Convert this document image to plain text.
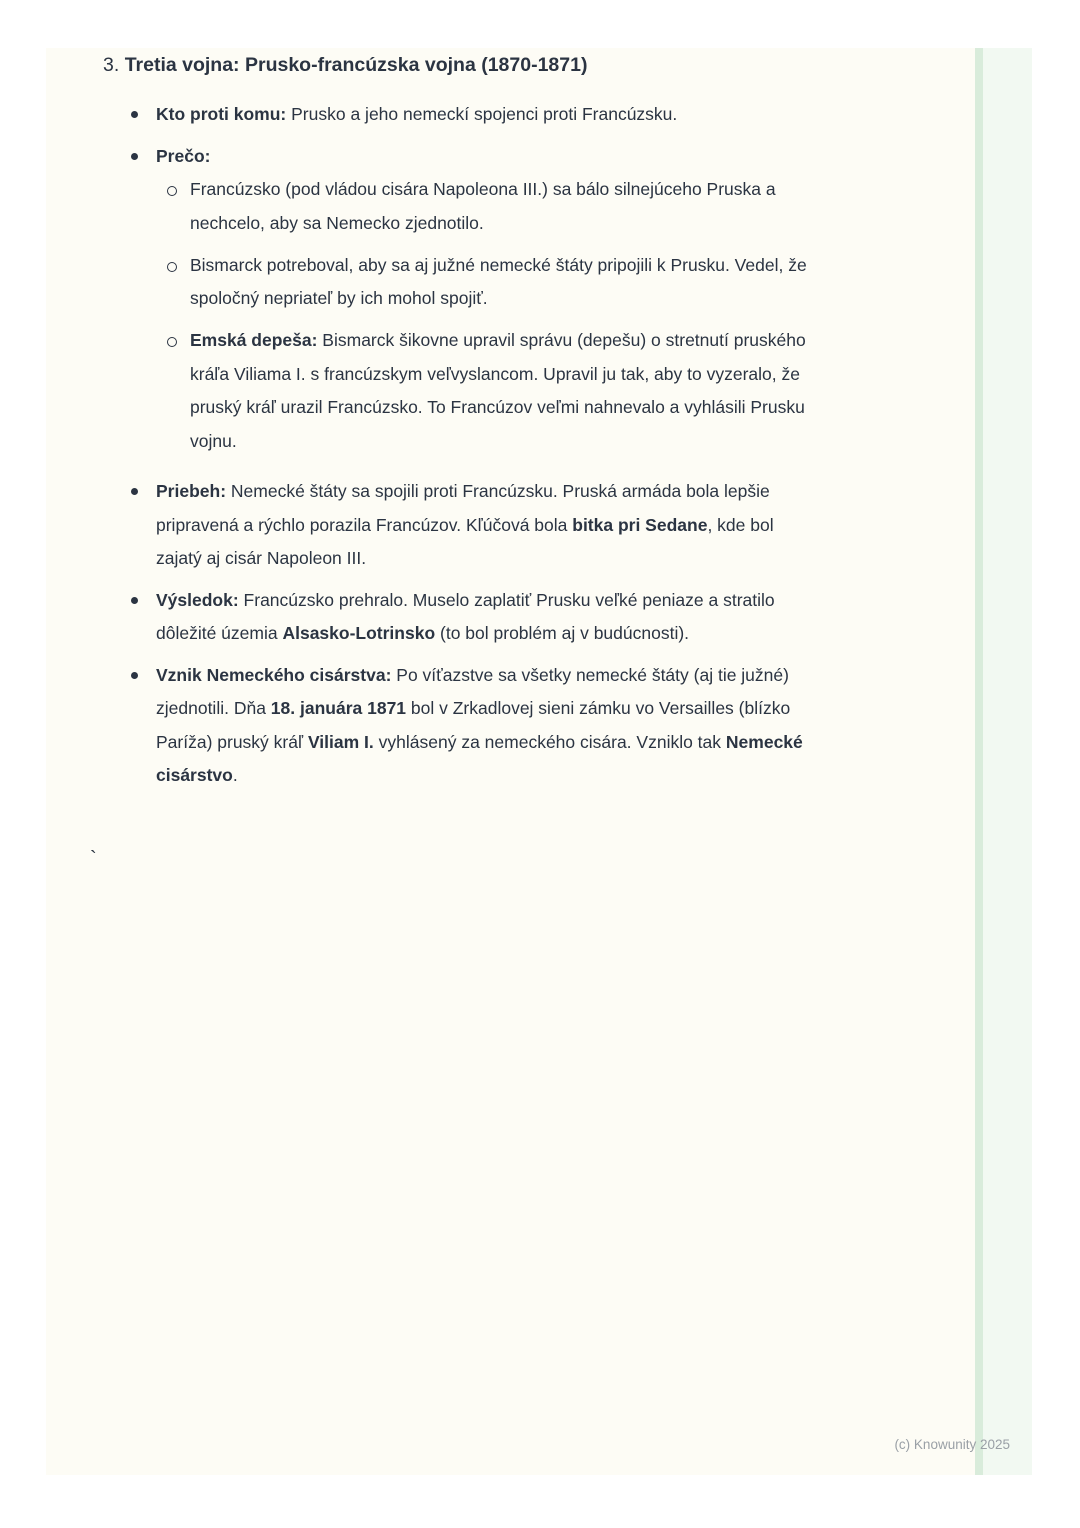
3. Tretia vojna: Prusko-francúzska vojna (1870-1871)
Kto proti komu: Prusko a jeho nemeckí spojenci proti Francúzsku.
Prečo:
Francúzsko (pod vládou cisára Napoleona III.) sa bálo silnejúceho Pruska a nechcelo, aby sa Nemecko zjednotilo.
Bismarck potreboval, aby sa aj južné nemecké štáty pripojili k Prusku. Vedel, že spoločný nepriateľ by ich mohol spojiť.
Emská depeša: Bismarck šikovne upravil správu (depešu) o stretnutí pruského kráľa Viliama I. s francúzskym veľvyslancom. Upravil ju tak, aby to vyzeralo, že pruský kráľ urazil Francúzsko. To Francúzov veľmi nahnevalo a vyhlásili Prusku vojnu.
Priebeh: Nemecké štáty sa spojili proti Francúzsku. Pruská armáda bola lepšie pripravená a rýchlo porazila Francúzov. Kľúčová bola bitka pri Sedane, kde bol zajatý aj cisár Napoleon III.
Výsledok: Francúzsko prehralo. Muselo zaplatiť Prusku veľké peniaze a stratilo dôležité územia Alsasko-Lotrinsko (to bol problém aj v budúcnosti).
Vznik Nemeckého cisárstva: Po víťazstve sa všetky nemecké štáty (aj tie južné) zjednotili. Dňa 18. januára 1871 bol v Zrkadlovej sieni zámku vo Versailles (blízko Paríža) pruský kráľ Viliam I. vyhlásený za nemeckého cisára. Vzniklo tak Nemecké cisárstvo.
`
(c) Knowunity 2025
